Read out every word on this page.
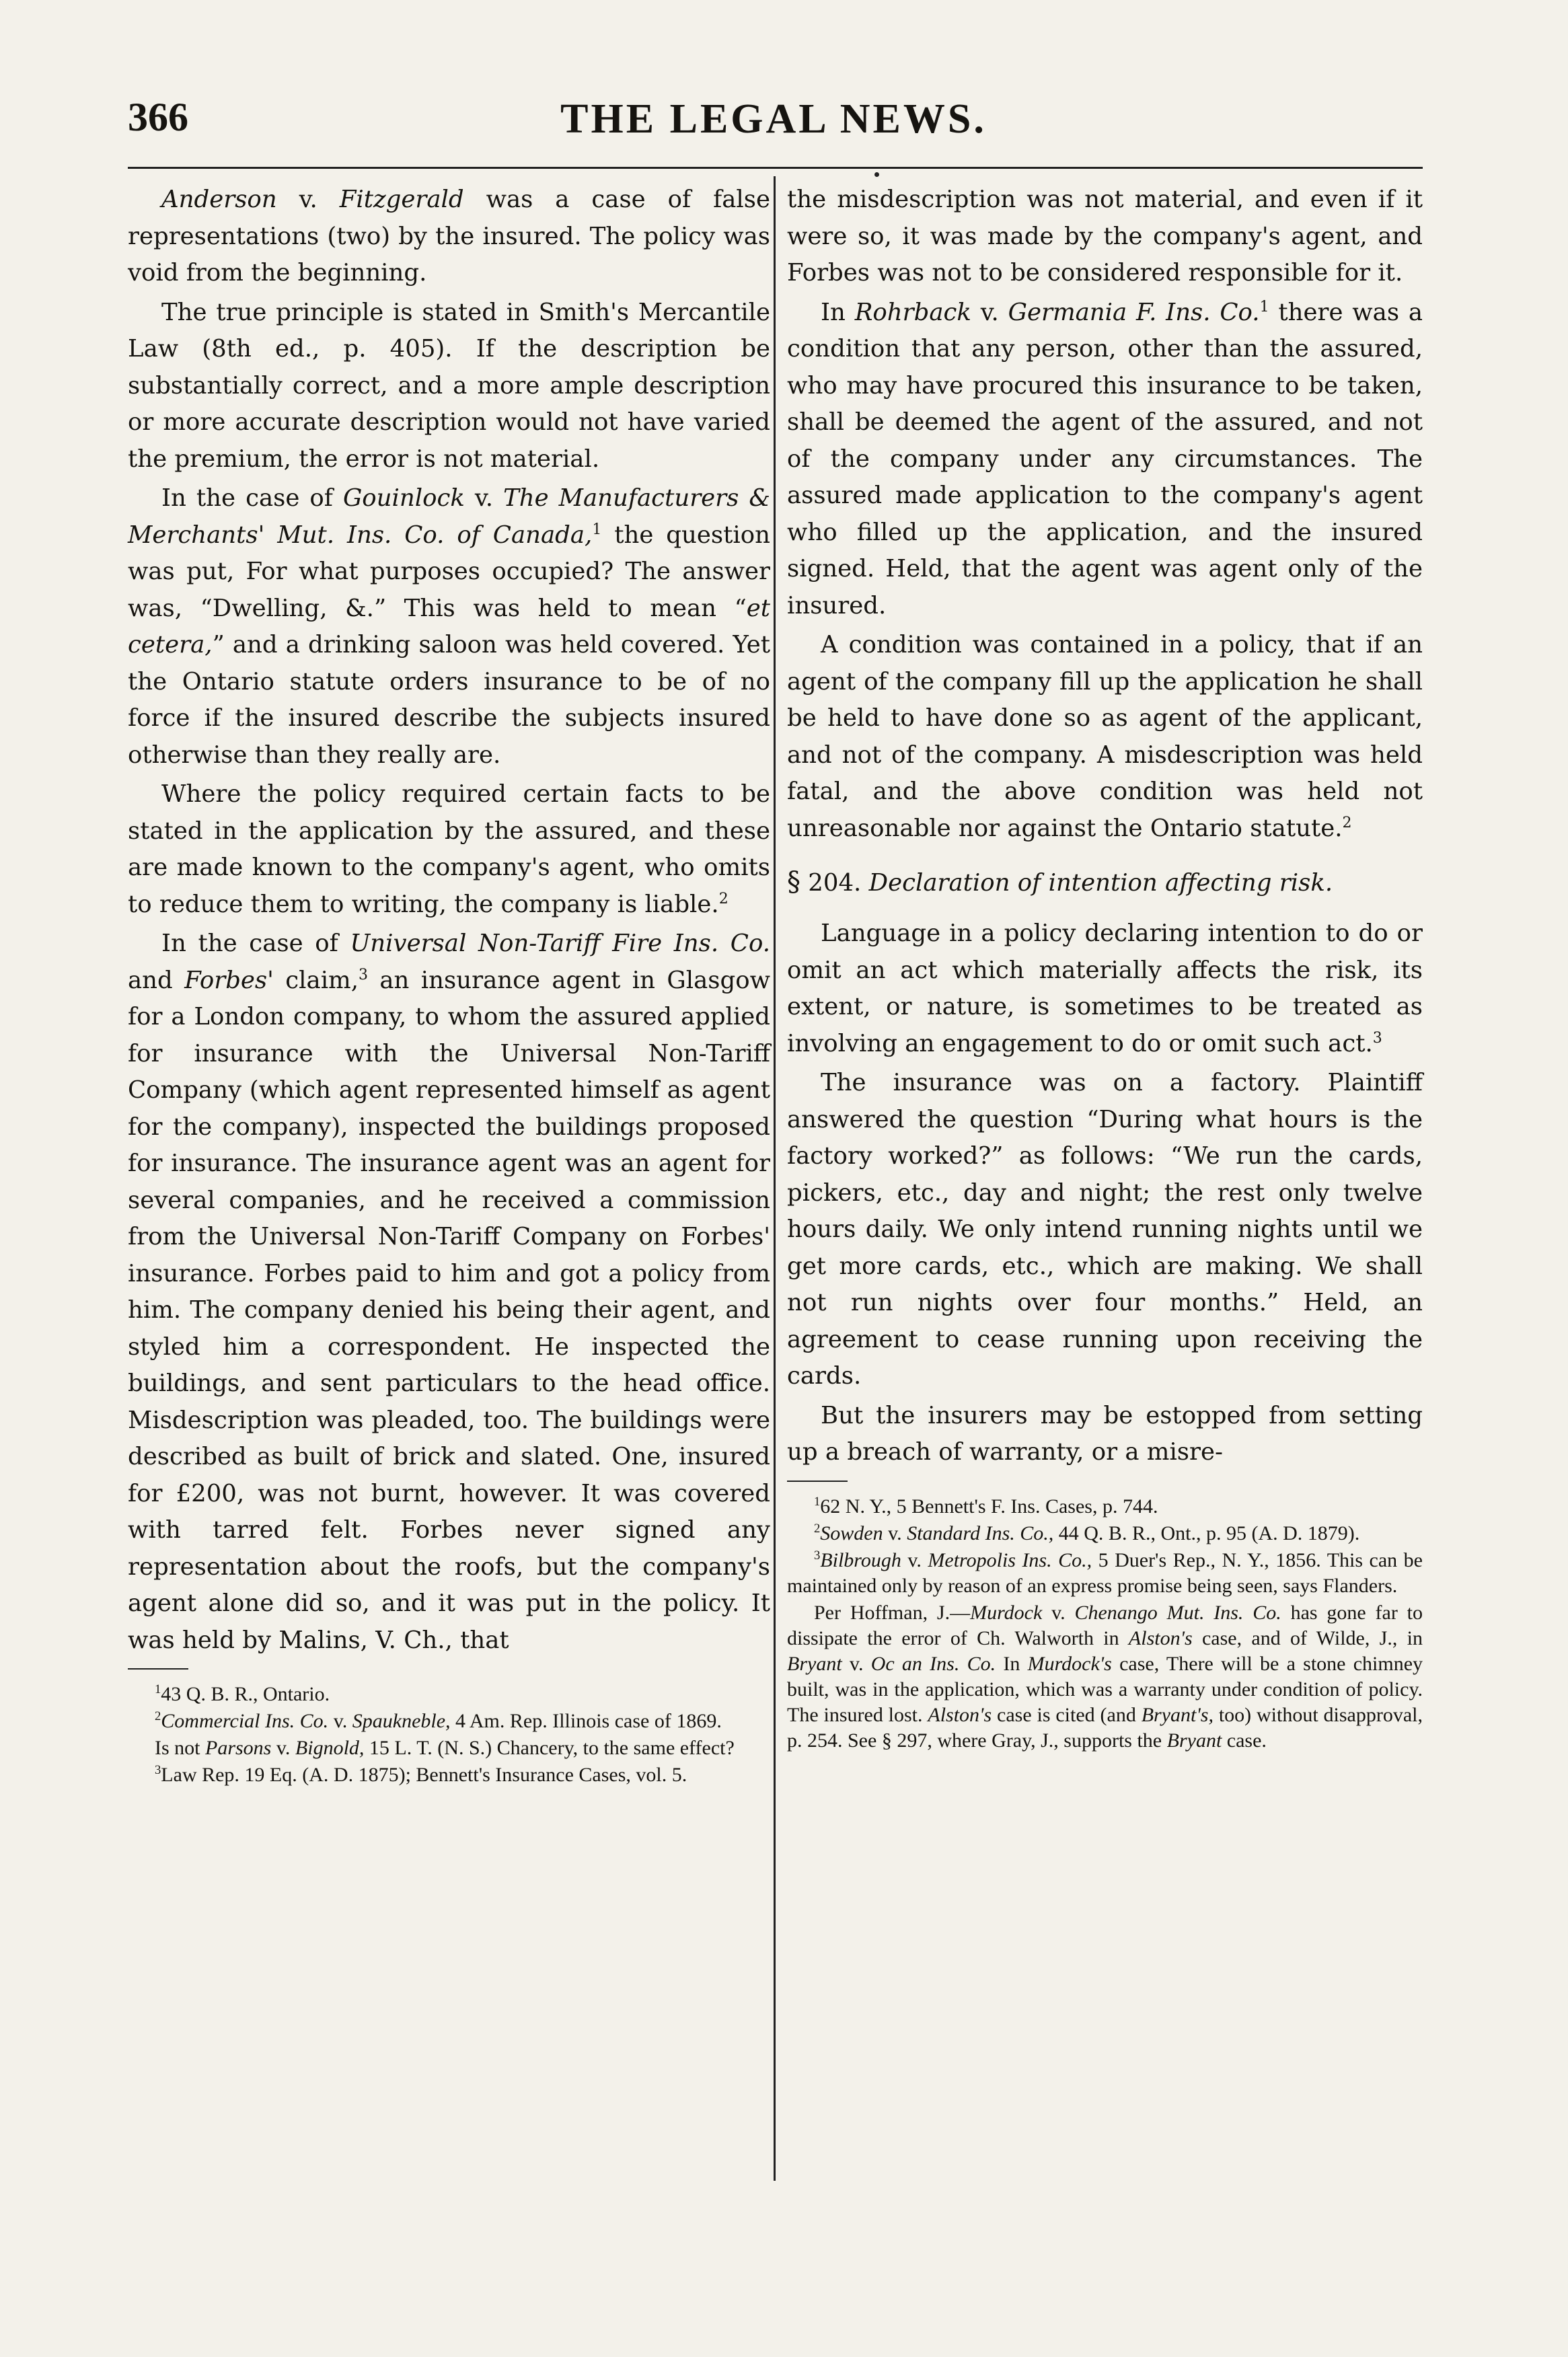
366	THE LEGAL NEWS.

Anderson v. Fitzgerald was a case of false representations (two) by the insured. The policy was void from the beginning.

The true principle is stated in Smith's Mercantile Law (8th ed., p. 405). If the description be substantially correct, and a more ample description or more accurate description would not have varied the premium, the error is not material.

In the case of Gouinlock v. The Manufacturers & Merchants' Mut. Ins. Co. of Canada,$^1$ the question was put, For what purposes occupied? The answer was, “Dwelling, &.” This was held to mean “et cetera,” and a drinking saloon was held covered. Yet the Ontario statute orders insurance to be of no force if the insured describe the subjects insured otherwise than they really are.

Where the policy required certain facts to be stated in the application by the assured, and these are made known to the company's agent, who omits to reduce them to writing, the company is liable.$^2$

In the case of Universal Non-Tariff Fire Ins. Co. and Forbes' claim,$^3$ an insurance agent in Glasgow for a London company, to whom the assured applied for insurance with the Universal Non-Tariff Company (which agent represented himself as agent for the company), inspected the buildings proposed for insurance. The insurance agent was an agent for several companies, and he received a commission from the Universal Non-Tariff Company on Forbes' insurance. Forbes paid to him and got a policy from him. The company denied his being their agent, and styled him a correspondent. He inspected the buildings, and sent particulars to the head office. Misdescription was pleaded, too. The buildings were described as built of brick and slated. One, insured for £200, was not burnt, however. It was covered with tarred felt. Forbes never signed any representation about the roofs, but the company's agent alone did so, and it was put in the policy. It was held by Malins, V. Ch., that

$^1$43 Q. B. R., Ontario.

$^2$Commercial Ins. Co. v. Spaukneble, 4 Am. Rep. Illinois case of 1869.

Is not Parsons v. Bignold, 15 L. T. (N. S.) Chancery, to the same effect?

$^3$Law Rep. 19 Eq. (A. D. 1875); Bennett's Insurance Cases, vol. 5.

the misdescription was not material, and even if it were so, it was made by the company's agent, and Forbes was not to be considered responsible for it.

In Rohrback v. Germania F. Ins. Co.$^1$ there was a condition that any person, other than the assured, who may have procured this insurance to be taken, shall be deemed the agent of the assured, and not of the company under any circumstances. The assured made application to the company's agent who filled up the application, and the insured signed. Held, that the agent was agent only of the insured.

A condition was contained in a policy, that if an agent of the company fill up the application he shall be held to have done so as agent of the applicant, and not of the company. A misdescription was held fatal, and the above condition was held not unreasonable nor against the Ontario statute.$^2$

§ 204. Declaration of intention affecting risk.

Language in a policy declaring intention to do or omit an act which materially affects the risk, its extent, or nature, is sometimes to be treated as involving an engagement to do or omit such act.$^3$

The insurance was on a factory. Plaintiff answered the question “During what hours is the factory worked?” as follows: “We run the cards, pickers, etc., day and night; the rest only twelve hours daily. We only intend running nights until we get more cards, etc., which are making. We shall not run nights over four months.” Held, an agreement to cease running upon receiving the cards.

But the insurers may be estopped from setting up a breach of warranty, or a misre-

$^1$62 N. Y., 5 Bennett's F. Ins. Cases, p. 744.

$^2$Sowden v. Standard Ins. Co., 44 Q. B. R., Ont., p. 95 (A. D. 1879).

$^3$Bilbrough v. Metropolis Ins. Co., 5 Duer's Rep., N. Y., 1856. This can be maintained only by reason of an express promise being seen, says Flanders.

Per Hoffman, J.—Murdock v. Chenango Mut. Ins. Co. has gone far to dissipate the error of Ch. Walworth in Alston's case, and of Wilde, J., in Bryant v. Oc an Ins. Co. In Murdock's case, There will be a stone chimney built, was in the application, which was a warranty under condition of policy. The insured lost. Alston's case is cited (and Bryant's, too) without disapproval, p. 254. See § 297, where Gray, J., supports the Bryant case.
